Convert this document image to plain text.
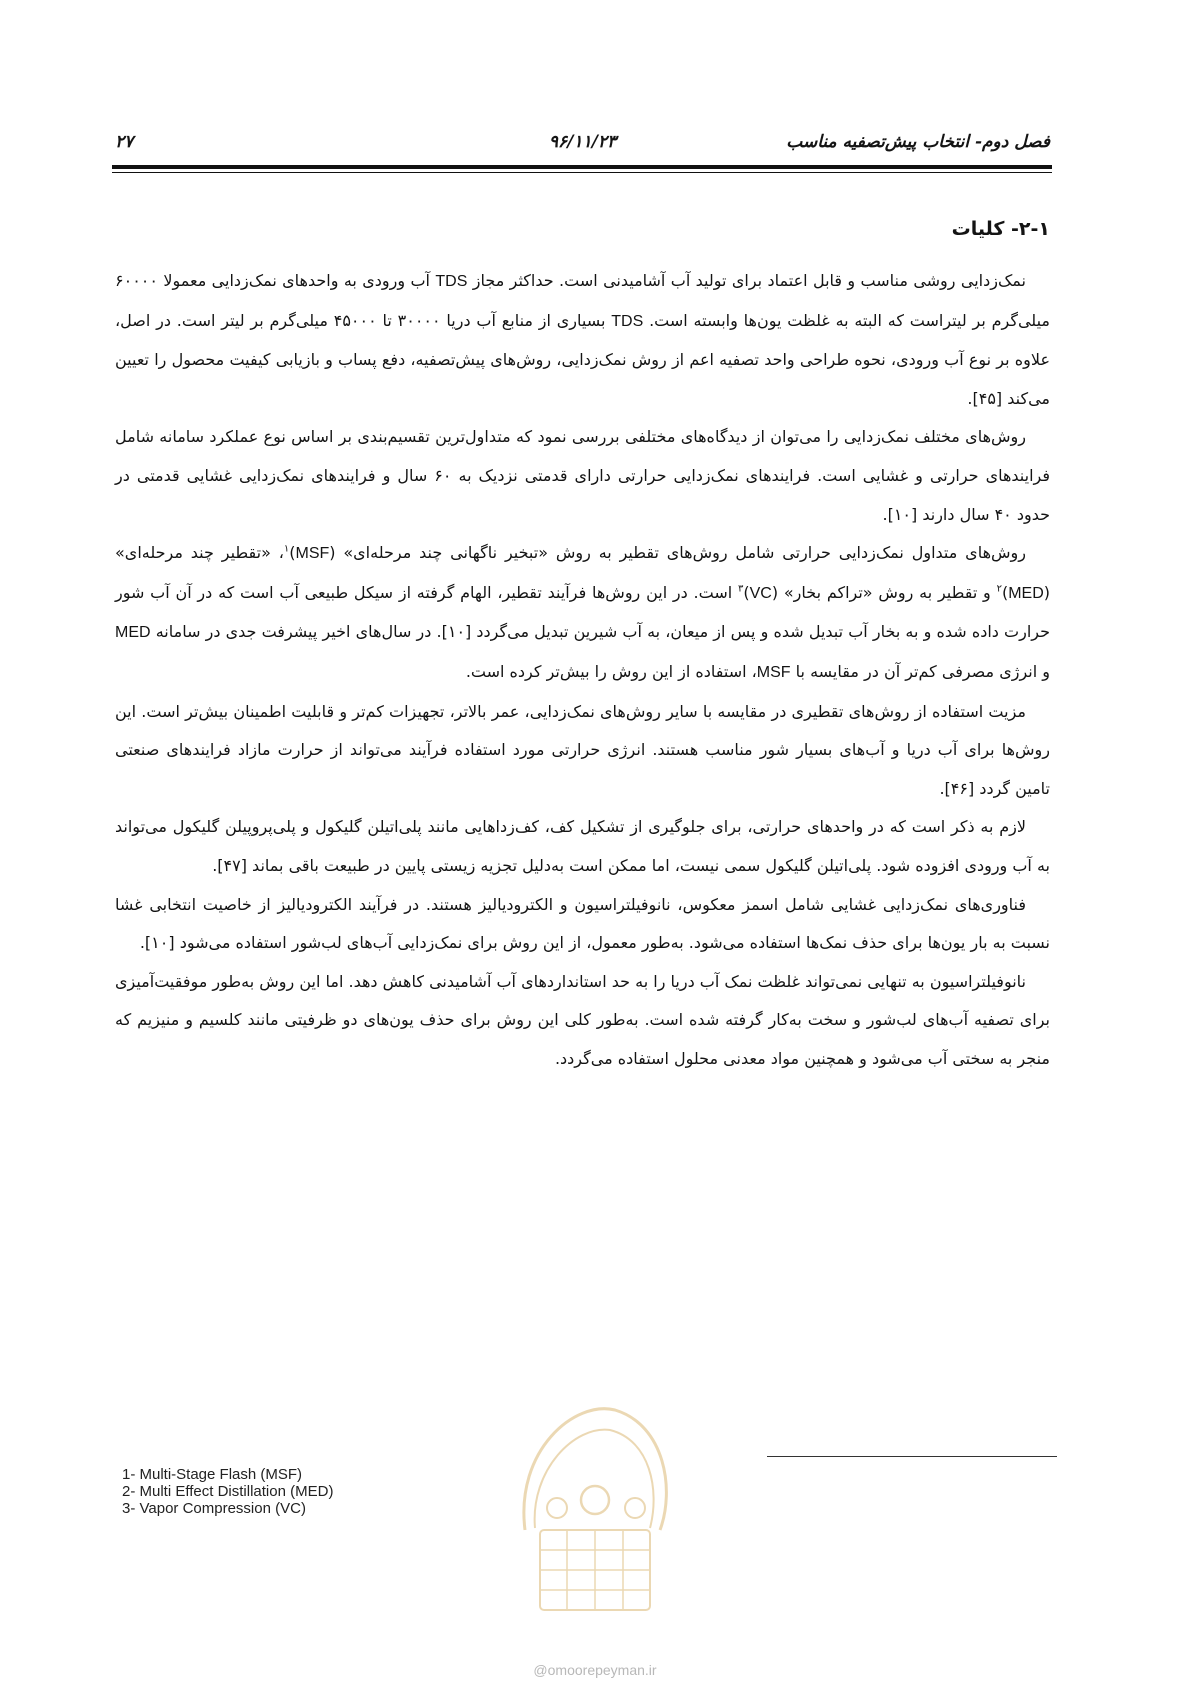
فصل دوم- انتخاب پیش‌تصفیه مناسب
۹۶/۱۱/۲۳
۲۷
۲-۱- کلیات

نمک‌زدایی روشی مناسب و قابل اعتماد برای تولید آب آشامیدنی است. حداکثر مجاز TDS آب ورودی به واحدهای نمک‌زدایی معمولا ۶۰۰۰۰ میلی‌گرم بر لیتراست که البته به غلظت یون‌ها وابسته است. TDS بسیاری از منابع آب دریا ۳۰۰۰۰ تا ۴۵۰۰۰ میلی‌گرم بر لیتر است. در اصل، علاوه بر نوع آب ورودی، نحوه طراحی واحد تصفیه اعم از روش نمک‌زدایی، روش‌های پیش‌تصفیه، دفع پساب و بازیابی کیفیت محصول را تعیین می‌کند [۴۵].

روش‌های مختلف نمک‌زدایی را می‌توان از دیدگاه‌های مختلفی بررسی نمود که متداول‌ترین تقسیم‌بندی بر اساس نوع عملکرد سامانه شامل فرایندهای حرارتی و غشایی است. فرایندهای نمک‌زدایی حرارتی دارای قدمتی نزدیک به ۶۰ سال و فرایندهای نمک‌زدایی غشایی قدمتی در حدود ۴۰ سال دارند [۱۰].

روش‌های متداول نمک‌زدایی حرارتی شامل روش‌های تقطیر به روش «تبخیر ناگهانی چند مرحله‌ای» (MSF)$^۱$، «تقطیر چند مرحله‌ای» (MED)$^۲$ و تقطیر به روش «تراکم بخار» (VC)$^۳$ است. در این روش‌ها فرآیند تقطیر، الهام گرفته از سیکل طبیعی آب است که در آن آب شور حرارت داده شده و به بخار آب تبدیل شده و پس از میعان، به آب شیرین تبدیل می‌گردد [۱۰]. در سال‌های اخیر پیشرفت جدی در سامانه MED و انرژی مصرفی کم‌تر آن در مقایسه با MSF، استفاده از این روش را بیش‌تر کرده است.

مزیت استفاده از روش‌های تقطیری در مقایسه با سایر روش‌های نمک‌زدایی، عمر بالاتر، تجهیزات کم‌تر و قابلیت اطمینان بیش‌تر است. این روش‌ها برای آب دریا و آب‌های بسیار شور مناسب هستند. انرژی حرارتی مورد استفاده فرآیند می‌تواند از حرارت مازاد فرایندهای صنعتی تامین گردد [۴۶].

لازم به ذکر است که در واحدهای حرارتی، برای جلوگیری از تشکیل کف، کف‌زداهایی مانند پلی‌اتیلن گلیکول و پلی‌پروپیلن گلیکول می‌تواند به آب ورودی افزوده شود. پلی‌اتیلن گلیکول سمی نیست، اما ممکن است به‌دلیل تجزیه زیستی پایین در طبیعت باقی بماند [۴۷].

فناوری‌های نمک‌زدایی غشایی شامل اسمز معکوس، نانوفیلتراسیون و الکترودیالیز هستند. در فرآیند الکترودیالیز از خاصیت انتخابی غشا نسبت به بار یون‌ها برای حذف نمک‌ها استفاده می‌شود. به‌طور معمول، از این روش برای نمک‌زدایی آب‌های لب‌شور استفاده می‌شود [۱۰].

نانوفیلتراسیون به تنهایی نمی‌تواند غلظت نمک آب دریا را به حد استانداردهای آب آشامیدنی کاهش دهد. اما این روش به‌طور موفقیت‌آمیزی برای تصفیه آب‌های لب‌شور و سخت به‌کار گرفته شده است. به‌طور کلی این روش برای حذف یون‌های دو ظرفیتی مانند کلسیم و منیزیم که منجر به سختی آب می‌شود و همچنین مواد معدنی محلول استفاده می‌گردد.

1- Multi-Stage Flash (MSF)
2- Multi Effect Distillation (MED)
3- Vapor Compression (VC)
@omoorepeyman.ir
